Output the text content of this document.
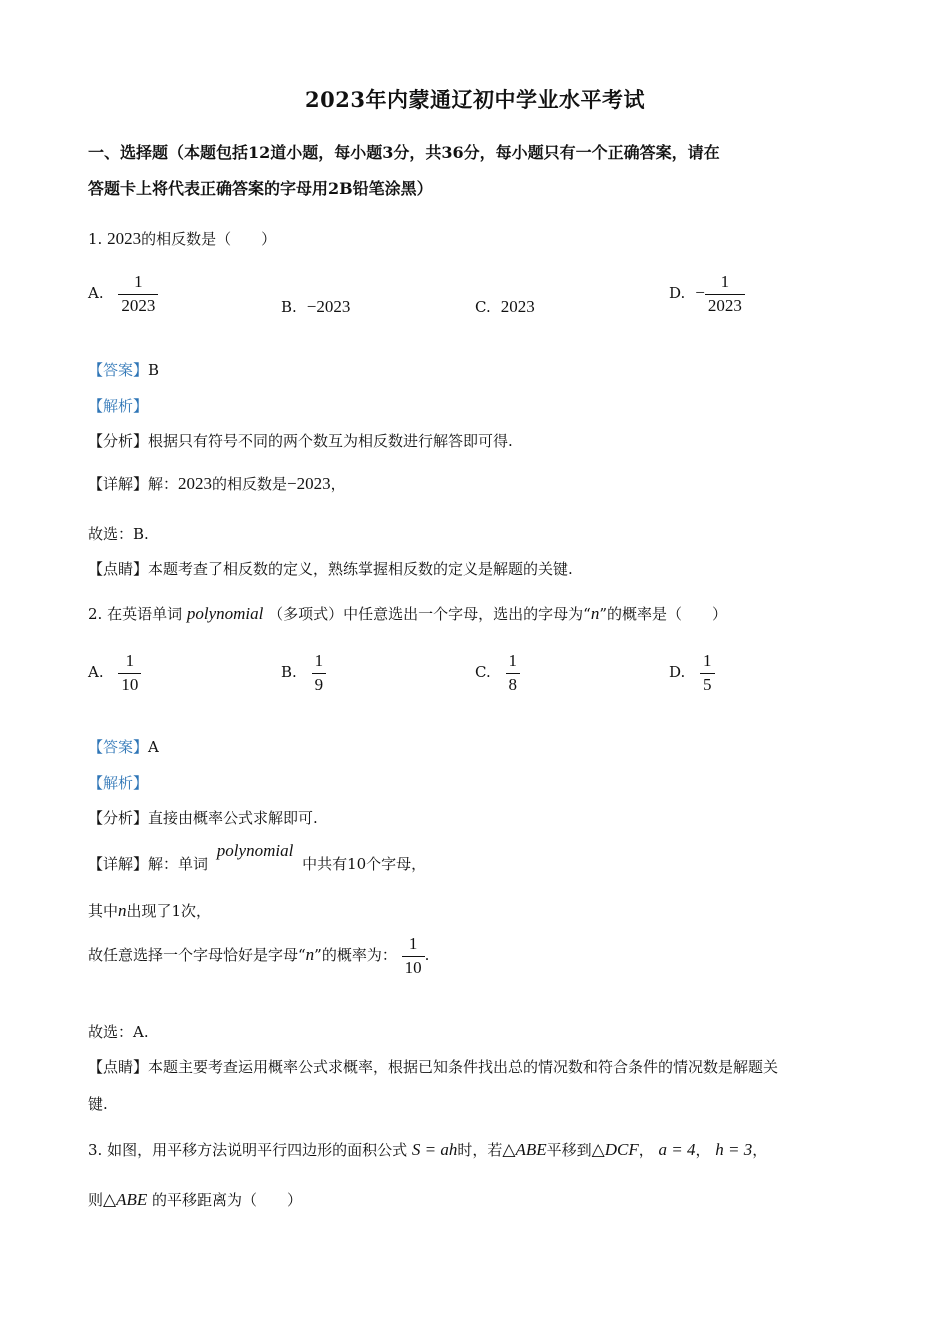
2023年内蒙通辽初中学业水平考试
一、选择题（本题包括12道小题，每小题3分，共36分，每小题只有一个正确答案，请在
答题卡上将代表正确答案的字母用2B铅笔涂黑）
1. 2023的相反数是（　　）
A. $\frac{1}{2023}$	B. −2023	C. 2023
D. − $\frac{1}{2023}$
【答案】B
【解析】
【分析】根据只有符号不同的两个数互为相反数进行解答即可得.
【详解】解：2023的相反数是−2023，
故选：B.
【点睛】本题考查了相反数的定义，熟练掌握相反数的定义是解题的关键.
2. 在英语单词 polynomial （多项式）中任意选出一个字母，选出的字母为“n”的概率是（　　）
A. $\frac{1}{10}$	B. $\frac{1}{9}$	C. $\frac{1}{8}$	D. $\frac{1}{5}$
【答案】A
【解析】
【分析】直接由概率公式求解即可.
【详解】解：单词 polynomial 中共有10个字母，
其中n出现了1次，
故任意选择一个字母恰好是字母“n”的概率为： $\frac{1}{10}$ .
故选：A.
【点睛】本题主要考查运用概率公式求概率，根据已知条件找出总的情况数和符合条件的情况数是解题关
键.
3. 如图，用平移方法说明平行四边形的面积公式 S = ah时，若△ABE平移到△DCF， a = 4， h = 3，
则△ABE 的平移距离为（　　）
